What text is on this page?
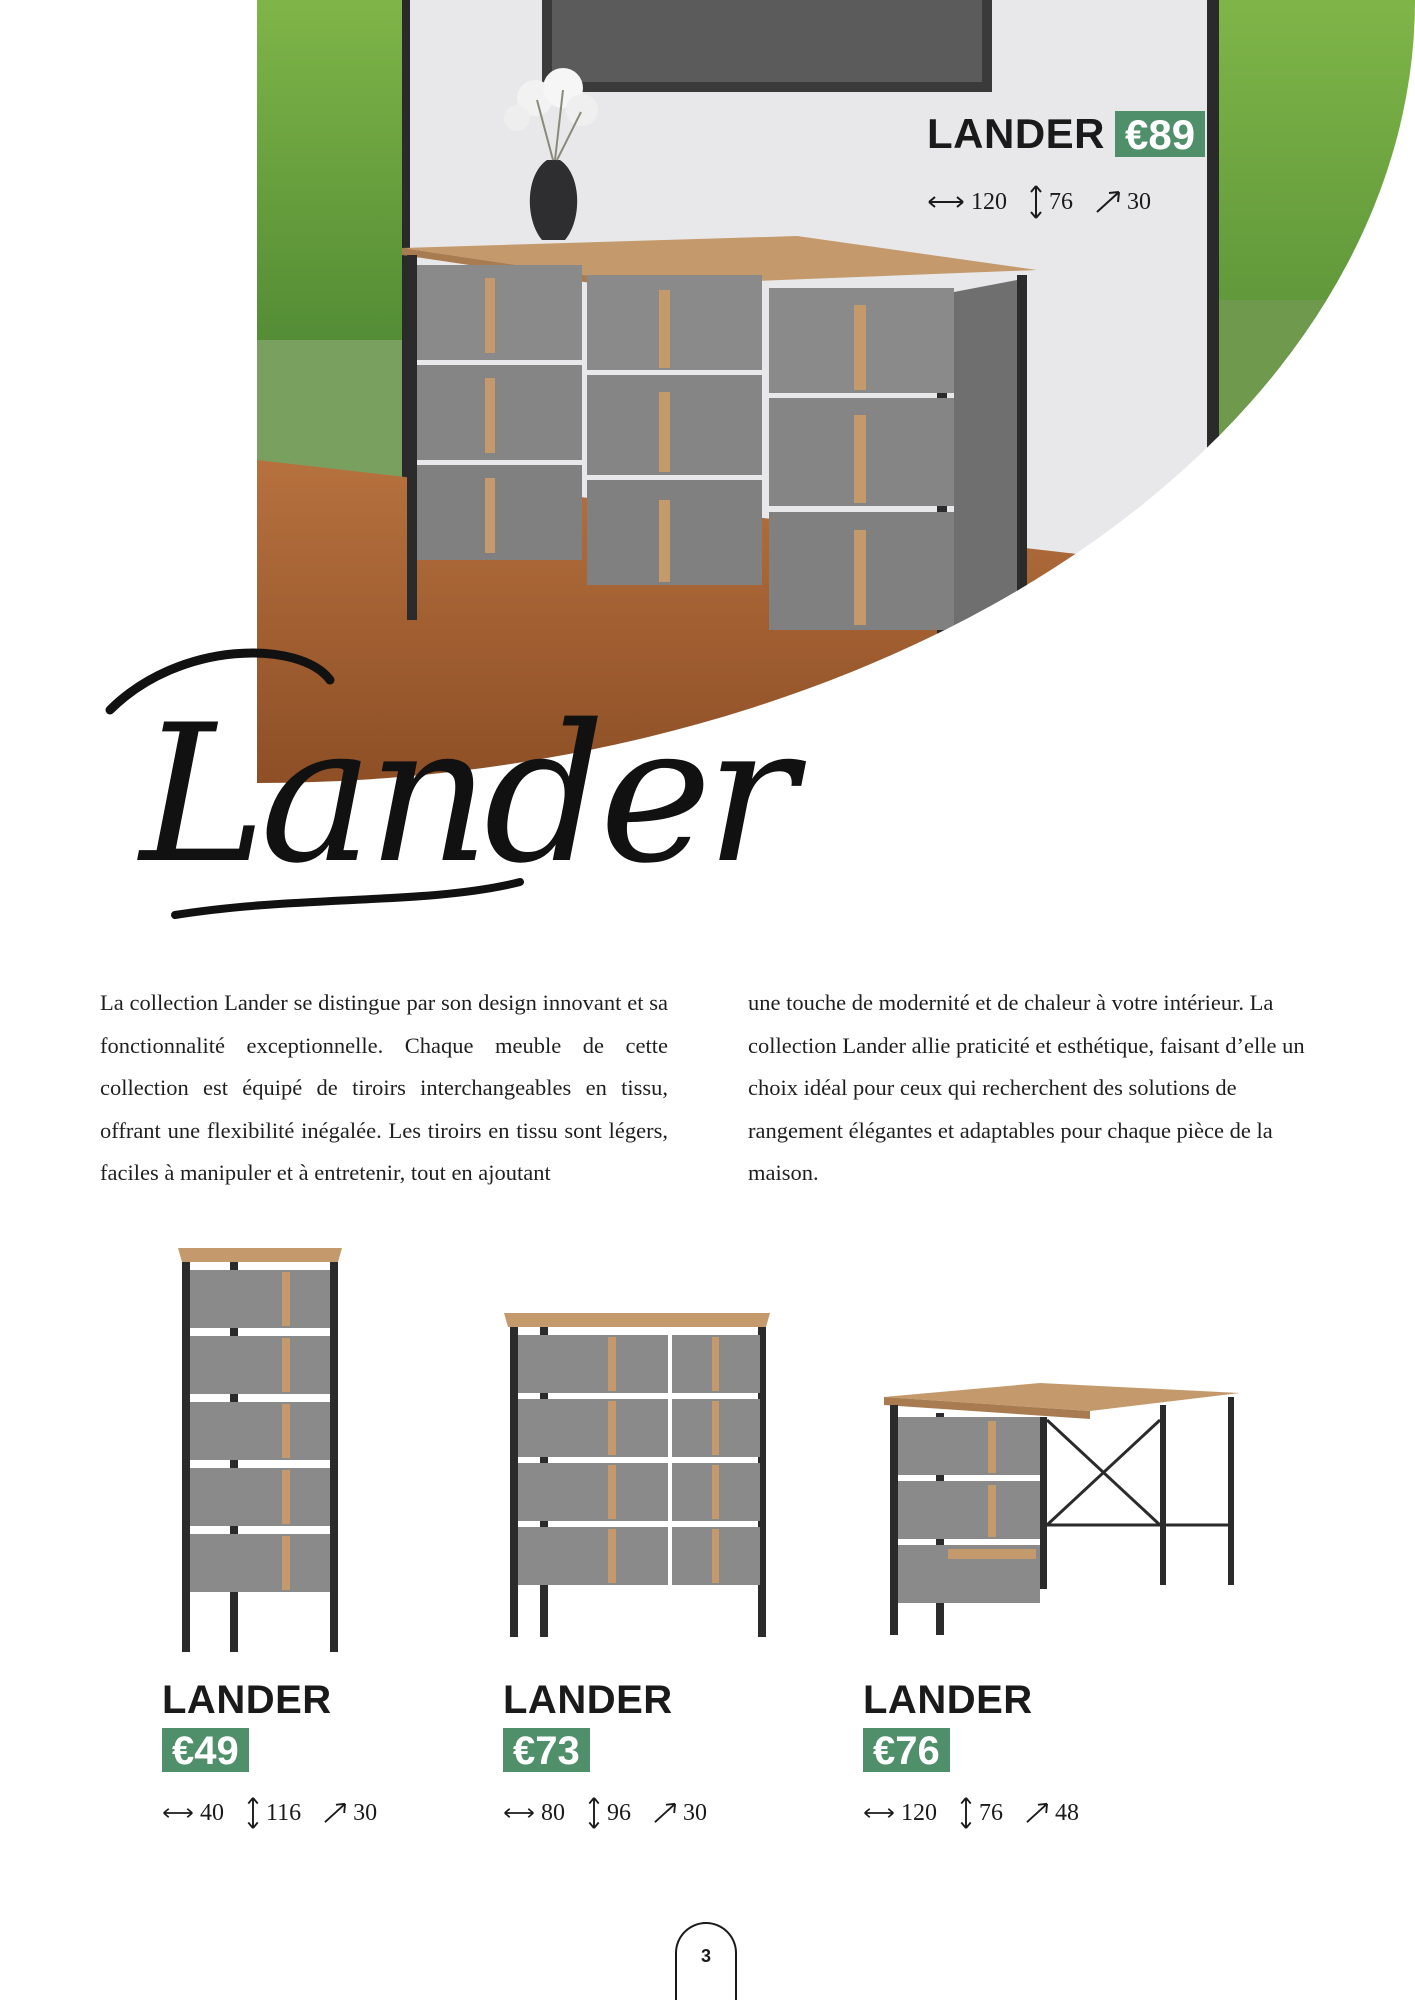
LANDER €89
120 76 30
Lander
La collection Lander se distingue par son design innovant et sa fonctionnalité exceptionnelle. Chaque meuble de cette collection est équipé de tiroirs interchangeables en tissu, offrant une flexibilité inégalée. Les tiroirs en tissu sont légers, faciles à manipuler et à entretenir, tout en ajoutant
une touche de modernité et de chaleur à votre intérieur. La collection Lander allie praticité et esthétique, faisant d’elle un choix idéal pour ceux qui recherchent des solutions de rangement élégantes et adaptables pour chaque pièce de la maison.
LANDER
€49
40 116 30
LANDER
€73
80 96 30
LANDER
€76
120 76 48
3
